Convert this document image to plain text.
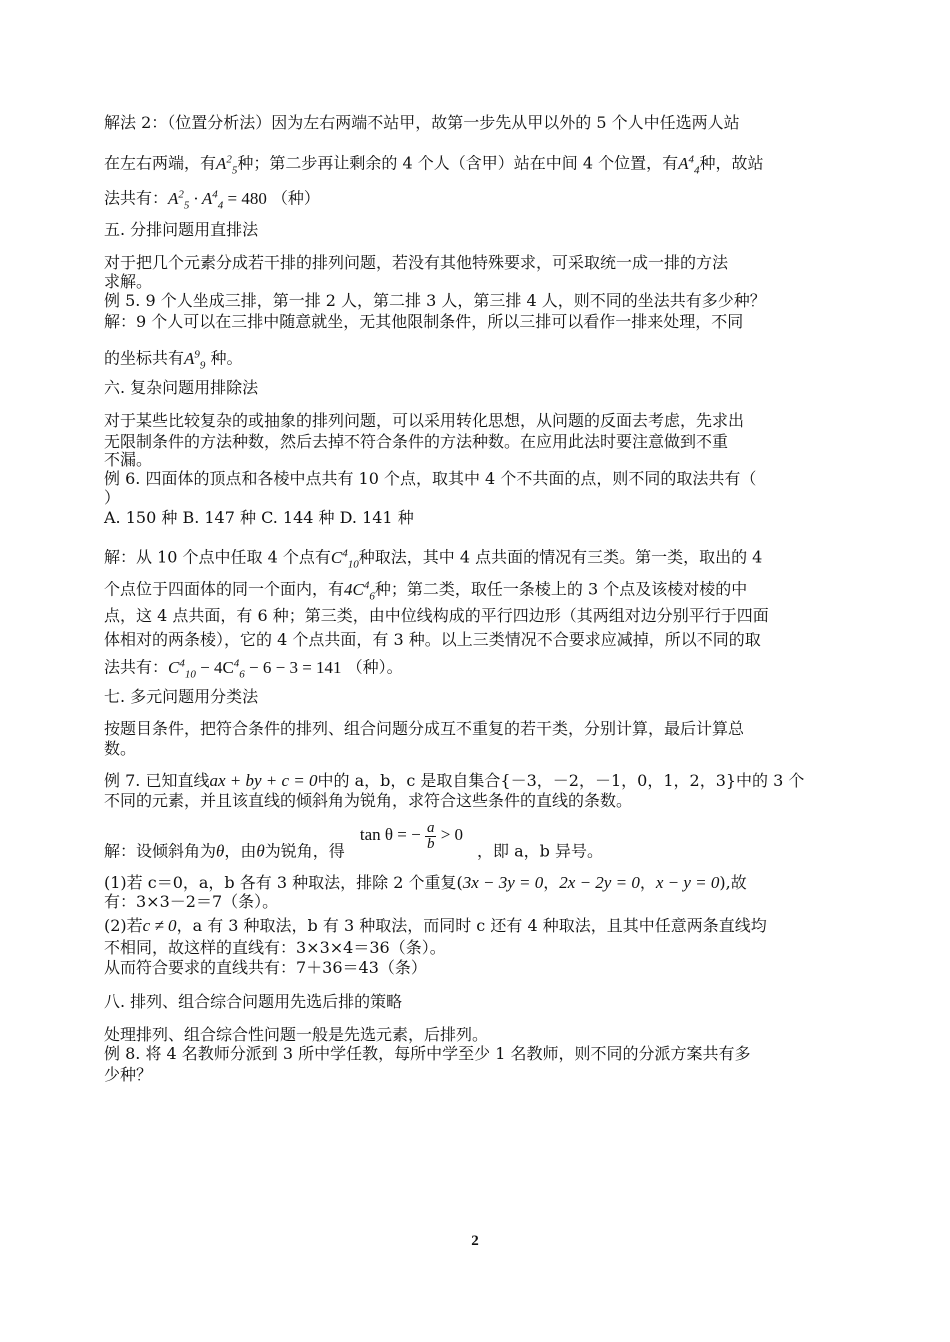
解法 2：（位置分析法）因为左右两端不站甲，故第一步先从甲以外的 5 个人中任选两人站
在左右两端，有$A^2_5$种；第二步再让剩余的 4 个人（含甲）站在中间 4 个位置，有$A^4_4$种，故站
法共有：$A^2_5 \cdot A^4_4 = 480$ （种）
五. 分排问题用直排法
对于把几个元素分成若干排的排列问题，若没有其他特殊要求，可采取统一成一排的方法
求解。
例 5. 9 个人坐成三排，第一排 2 人，第二排 3 人，第三排 4 人，则不同的坐法共有多少种？
解：9 个人可以在三排中随意就坐，无其他限制条件，所以三排可以看作一排来处理，不同
的坐标共有$A^9_9$ 种。
六. 复杂问题用排除法
对于某些比较复杂的或抽象的排列问题，可以采用转化思想，从问题的反面去考虑，先求出
无限制条件的方法种数，然后去掉不符合条件的方法种数。在应用此法时要注意做到不重
不漏。
例 6. 四面体的顶点和各棱中点共有 10 个点，取其中 4 个不共面的点，则不同的取法共有（
）
A. 150 种 B. 147 种 C. 144 种 D. 141 种
解：从 10 个点中任取 4 个点有$C^4_{10}$种取法，其中 4 点共面的情况有三类。第一类，取出的 4
个点位于四面体的同一个面内，有$4C^4_6$种；第二类，取任一条棱上的 3 个点及该棱对棱的中
点，这 4 点共面，有 6 种；第三类，由中位线构成的平行四边形（其两组对边分别平行于四面
体相对的两条棱），它的 4 个点共面，有 3 种。以上三类情况不合要求应减掉，所以不同的取
法共有：$C^4_{10} - 4C^4_6 - 6 - 3 = 141$ （种）。
七. 多元问题用分类法
按题目条件，把符合条件的排列、组合问题分成互不重复的若干类，分别计算，最后计算总
数。
例 7. 已知直线ax + by + c = 0中的 a，b，c 是取自集合{－3，－2，－1，0，1，2，3}中的 3 个
不同的元素，并且该直线的倾斜角为锐角，求符合这些条件的直线的条数。
解：设倾斜角为θ，由θ为锐角，得 tan θ = − $\frac{a}{b} > 0$，即 a，b 异号。
(1)若 c＝0，a，b 各有 3 种取法，排除 2 个重复(3x − 3y = 0，2x − 2y = 0，x − y = 0),故
有：3×3－2＝7（条）。
(2)若c ≠ 0，a 有 3 种取法，b 有 3 种取法，而同时 c 还有 4 种取法，且其中任意两条直线均
不相同，故这样的直线有：3×3×4＝36（条）。
从而符合要求的直线共有：7＋36＝43（条）
八. 排列、组合综合问题用先选后排的策略
处理排列、组合综合性问题一般是先选元素，后排列。
例 8. 将 4 名教师分派到 3 所中学任教，每所中学至少 1 名教师，则不同的分派方案共有多
少种？
2
